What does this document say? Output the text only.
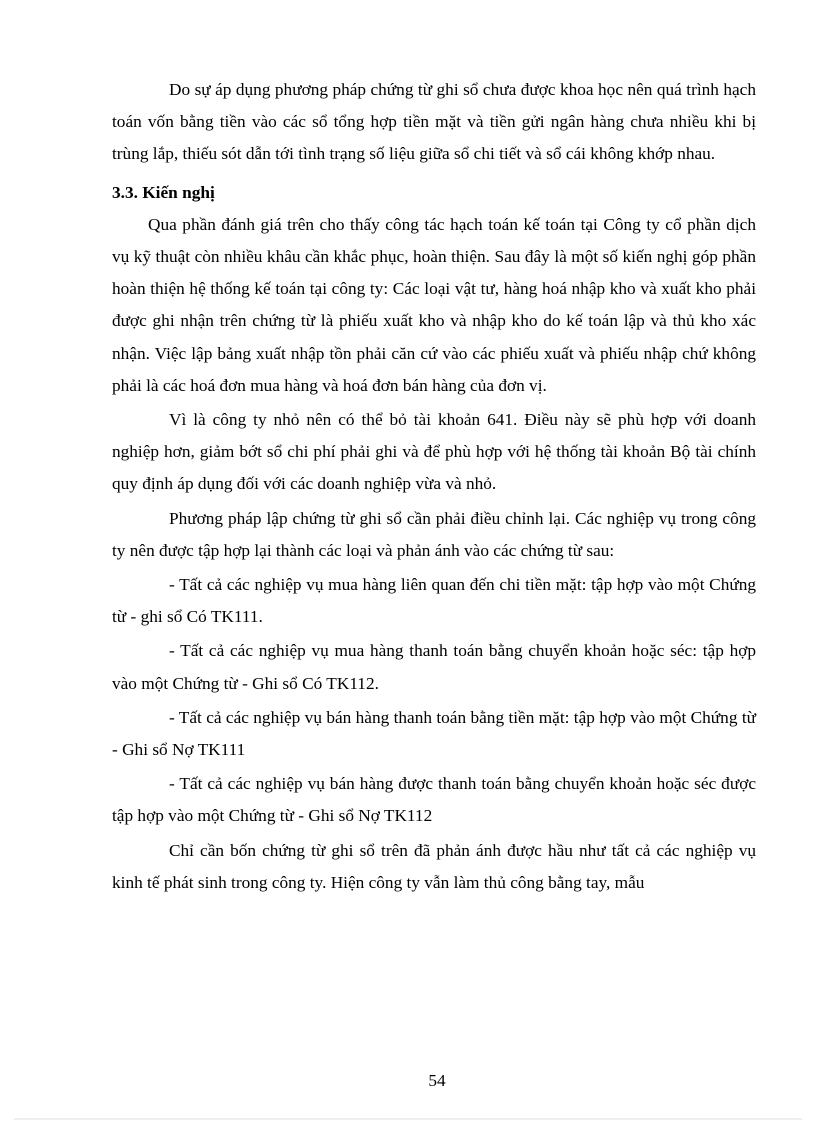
Do sự áp dụng phương pháp chứng từ ghi sổ chưa được khoa học nên quá trình hạch toán vốn bằng tiền vào các sổ tổng hợp tiền mặt và tiền gửi ngân hàng chưa nhiều khi bị trùng lắp, thiếu sót dẫn tới tình trạng số liệu giữa sổ chi tiết và sổ cái không khớp nhau.

3.3. Kiến nghị

Qua phần đánh giá trên cho thấy công tác hạch toán kế toán tại Công ty cổ phần dịch vụ kỹ thuật còn nhiều khâu cần khắc phục, hoàn thiện. Sau đây là một số kiến nghị góp phần hoàn thiện hệ thống kế toán tại công ty: Các loại vật tư, hàng hoá nhập kho và xuất kho phải được ghi nhận trên chứng từ là phiếu xuất kho và nhập kho do kế toán lập và thủ kho xác nhận. Việc lập bảng xuất nhập tồn phải căn cứ vào các phiếu xuất và phiếu nhập chứ không phải là các hoá đơn mua hàng và hoá đơn bán hàng của đơn vị.

Vì là công ty nhỏ nên có thể bỏ tài khoản 641. Điều này sẽ phù hợp với doanh nghiệp hơn, giảm bớt sổ chi phí phải ghi và để phù hợp với hệ thống tài khoản Bộ tài chính quy định áp dụng đối với các doanh nghiệp vừa và nhỏ.

Phương pháp lập chứng từ ghi sổ cần phải điều chỉnh lại. Các nghiệp vụ trong công ty nên được tập hợp lại thành các loại và phản ánh vào các chứng từ sau:

- Tất cả các nghiệp vụ mua hàng liên quan đến chi tiền mặt: tập hợp vào một Chứng từ - ghi sổ Có TK111.

- Tất cả các nghiệp vụ mua hàng thanh toán bằng chuyển khoản hoặc séc: tập hợp vào một Chứng từ - Ghi sổ Có TK112.

- Tất cả các nghiệp vụ bán hàng thanh toán bằng tiền mặt: tập hợp vào một Chứng từ - Ghi sổ Nợ TK111

- Tất cả các nghiệp vụ bán hàng được thanh toán bằng chuyển khoản hoặc séc được tập hợp vào một Chứng từ - Ghi sổ Nợ TK112

Chỉ cần bốn chứng từ ghi sổ trên đã phản ánh được hầu như tất cả các nghiệp vụ kinh tế phát sinh trong công ty. Hiện công ty vẫn làm thủ công bằng tay, mẫu

54
